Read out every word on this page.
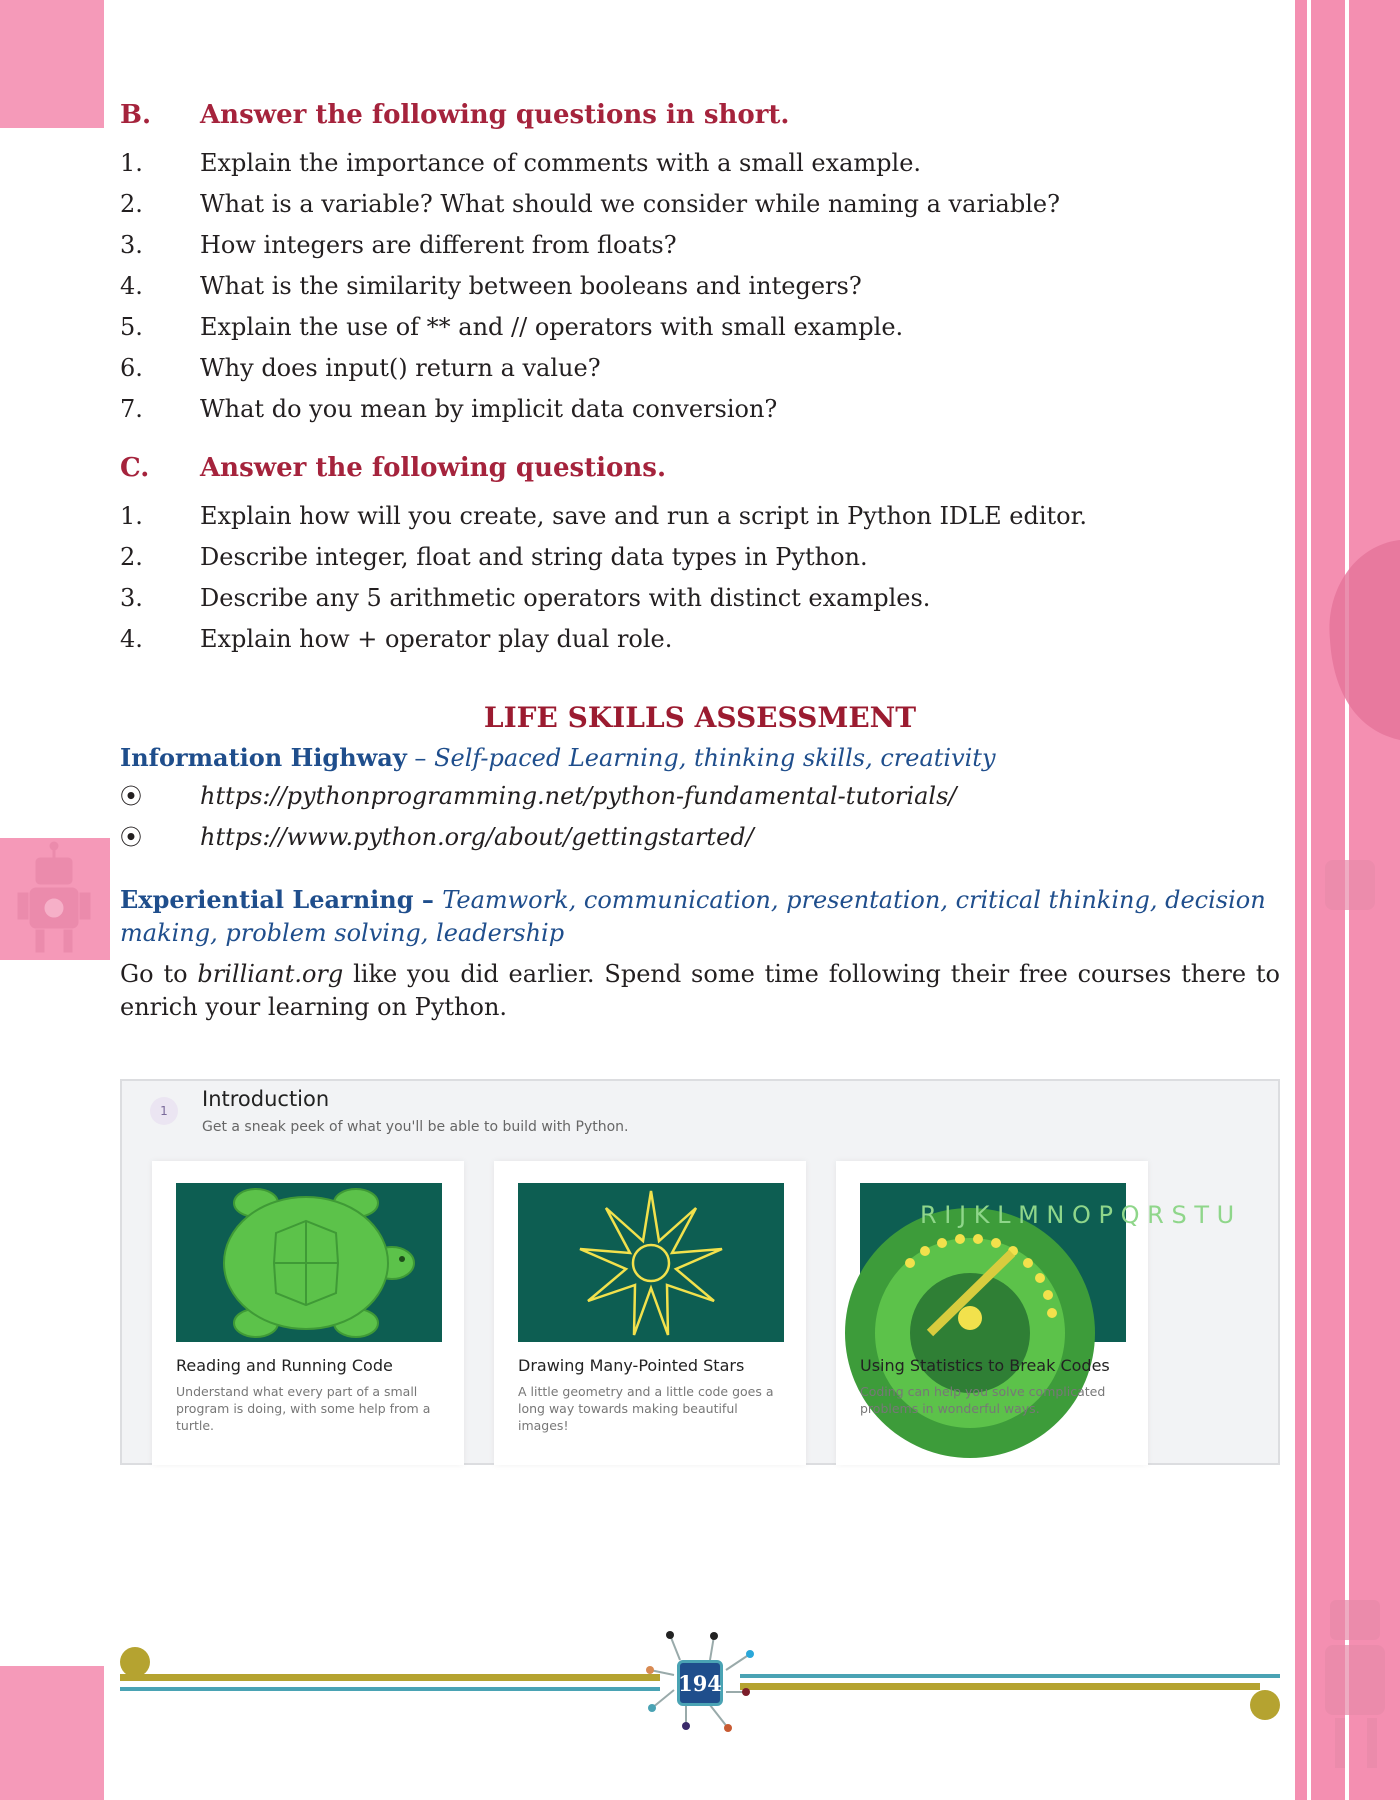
B.	Answer the following questions in short.
1.	Explain the importance of comments with a small example.
2.	What is a variable? What should we consider while naming a variable?
3.	How integers are different from floats?
4.	What is the similarity between booleans and integers?
5.	Explain the use of ** and // operators with small example.
6.	Why does input() return a value?
7.	What do you mean by implicit data conversion?
C.	Answer the following questions.
1.	Explain how will you create, save and run a script in Python IDLE editor.
2.	Describe integer, float and string data types in Python.
3.	Describe any 5 arithmetic operators with distinct examples.
4.	Explain how + operator play dual role.
LIFE SKILLS ASSESSMENT
Information Highway – Self-paced Learning, thinking skills, creativity
⦿	https://pythonprogramming.net/python-fundamental-tutorials/
⦿	https://www.python.org/about/gettingstarted/
Experiential Learning – Teamwork, communication, presentation, critical thinking, decision making, problem solving, leadership
Go to brilliant.org like you did earlier. Spend some time following their free courses there to enrich your learning on Python.
1	Introduction
Get a sneak peek of what you'll be able to build with Python.
Reading and Running Code
Understand what every part of a small program is doing, with some help from a turtle.
Drawing Many-Pointed Stars
A little geometry and a little code goes a long way towards making beautiful images!
R I J K L M N O P Q R S T U
Using Statistics to Break Codes
Coding can help you solve complicated problems in wonderful ways.
194
